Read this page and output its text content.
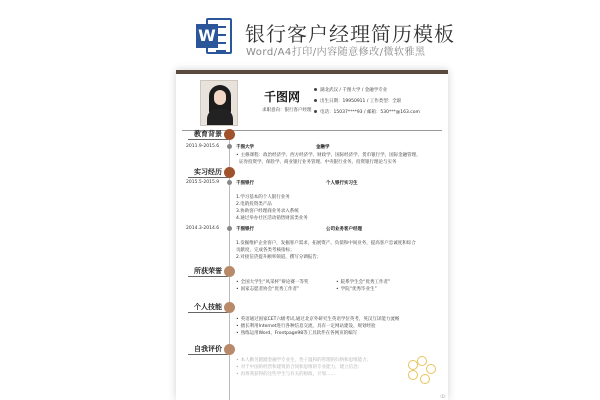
W 银行客户经理简历模板
Word/A4打印/内容随意修改/微软雅黑
千图网
求职意向：银行客户经理
湖北武汉 / 千图大学 / 金融学专业
出生日期：19950911 / 工作类型：全职
电话：15037****93 / 邮箱：530***@163.com
教育背景
2011.9-2015.6	千图大学	金融学
• 主修课程：政治经济学、西方经济学、财政学、国际经济学、货币银行学、国际金融管理、
证券投资学、保险学、商业银行业务管理、中央银行业务、投资银行理论与实务
实习经历
2015.5-2015.9	千图银行	个人银行实习生
1.学习基本的个人银行业务
2.电销投资类产品
3.协助客户经理商业务录入系统
4.通过举办社区活动销售财富类业务
2014.3-2014.6	千图银行	公司业务客户经理
1.发掘维护企业客户，发掘客户需求，拓展资产、负债和中间业务，提高客户忠诚度和综合
贡献度，完成各类考核指标；
2.对接信贷提升额率频道，撰写分调报告；
所获荣誉
• 全国大学生“风采杯”辩论赛一等奖	• 院系学生会“优秀工作者”
• 国家志愿者协会“优秀工作者”	• 学院“优秀毕业生”
个人技能
• 英语通过国家CET六级考试,通过北京外研究生英语学位英考，英汉互译能力流畅
• 擅长利用Internet进行各种信息交流，具有一定网站建设、规划经验
• 熟练运用Word、Frontpage98等工具软件在各网页的编写
自我评价
• 本人勤劳踏踏金融学专业生，性子温和的管理的归纳和思维能力；
• 对于中国的经营和建筑的合同和思维的专业能力，建立信念；
• 再将我获得的这些学生与有关的财政、计划……
ID:
